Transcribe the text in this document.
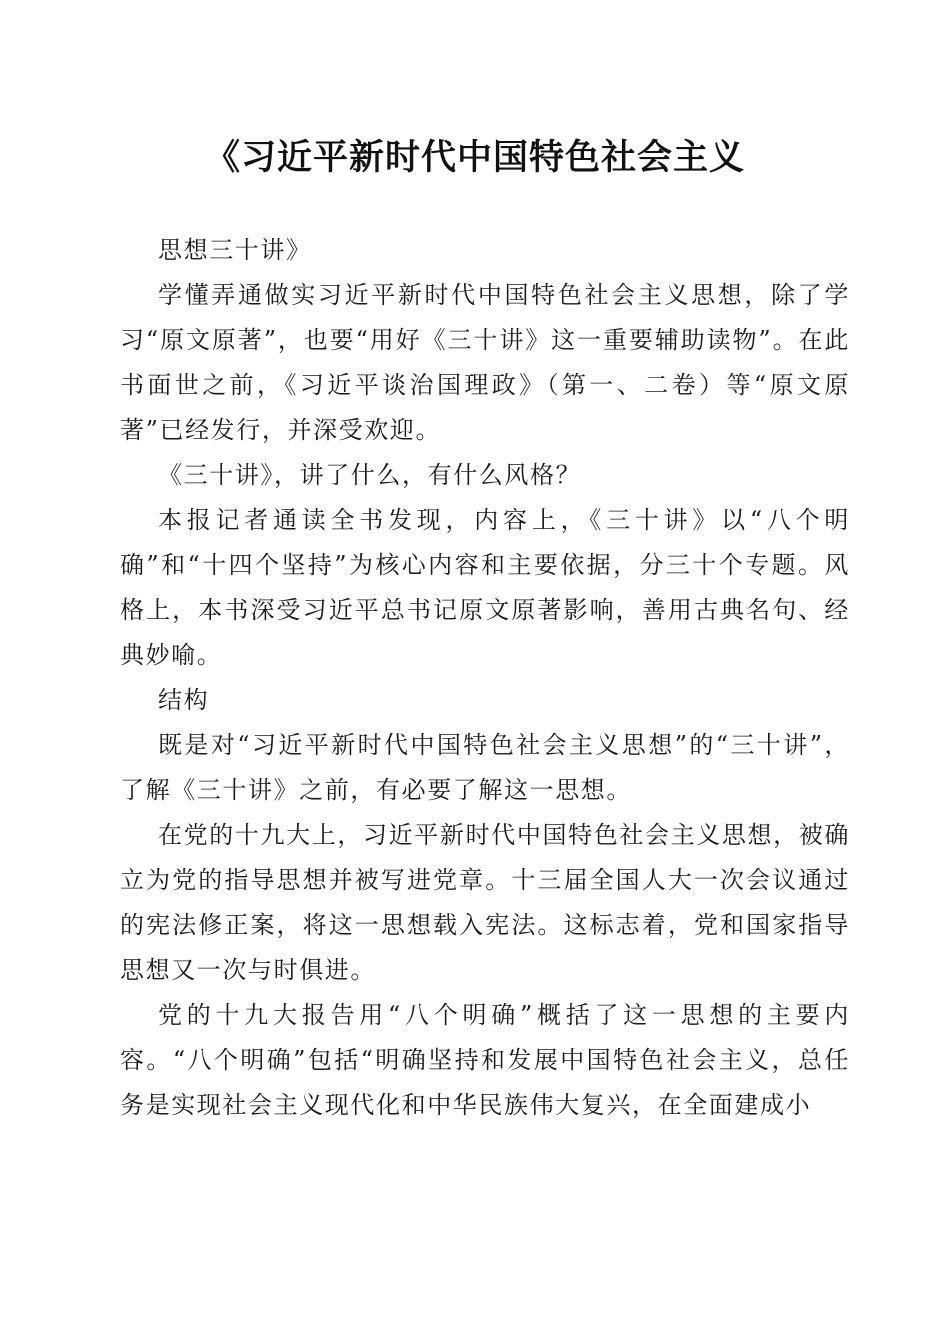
《习近平新时代中国特色社会主义

思想三十讲》

学懂弄通做实习近平新时代中国特色社会主义思想，除了学习“原文原著”，也要“用好《三十讲》这一重要辅助读物”。在此书面世之前，《习近平谈治国理政》（第一、二卷）等“原文原著”已经发行，并深受欢迎。

《三十讲》，讲了什么，有什么风格？

本报记者通读全书发现，内容上，《三十讲》以“八个明确”和“十四个坚持”为核心内容和主要依据，分三十个专题。风格上，本书深受习近平总书记原文原著影响，善用古典名句、经典妙喻。

结构

既是对“习近平新时代中国特色社会主义思想”的“三十讲”，了解《三十讲》之前，有必要了解这一思想。

在党的十九大上，习近平新时代中国特色社会主义思想，被确立为党的指导思想并被写进党章。十三届全国人大一次会议通过的宪法修正案，将这一思想载入宪法。这标志着，党和国家指导思想又一次与时俱进。

党的十九大报告用“八个明确”概括了这一思想的主要内容。“八个明确”包括“明确坚持和发展中国特色社会主义，总任务是实现社会主义现代化和中华民族伟大复兴，在全面建成小
